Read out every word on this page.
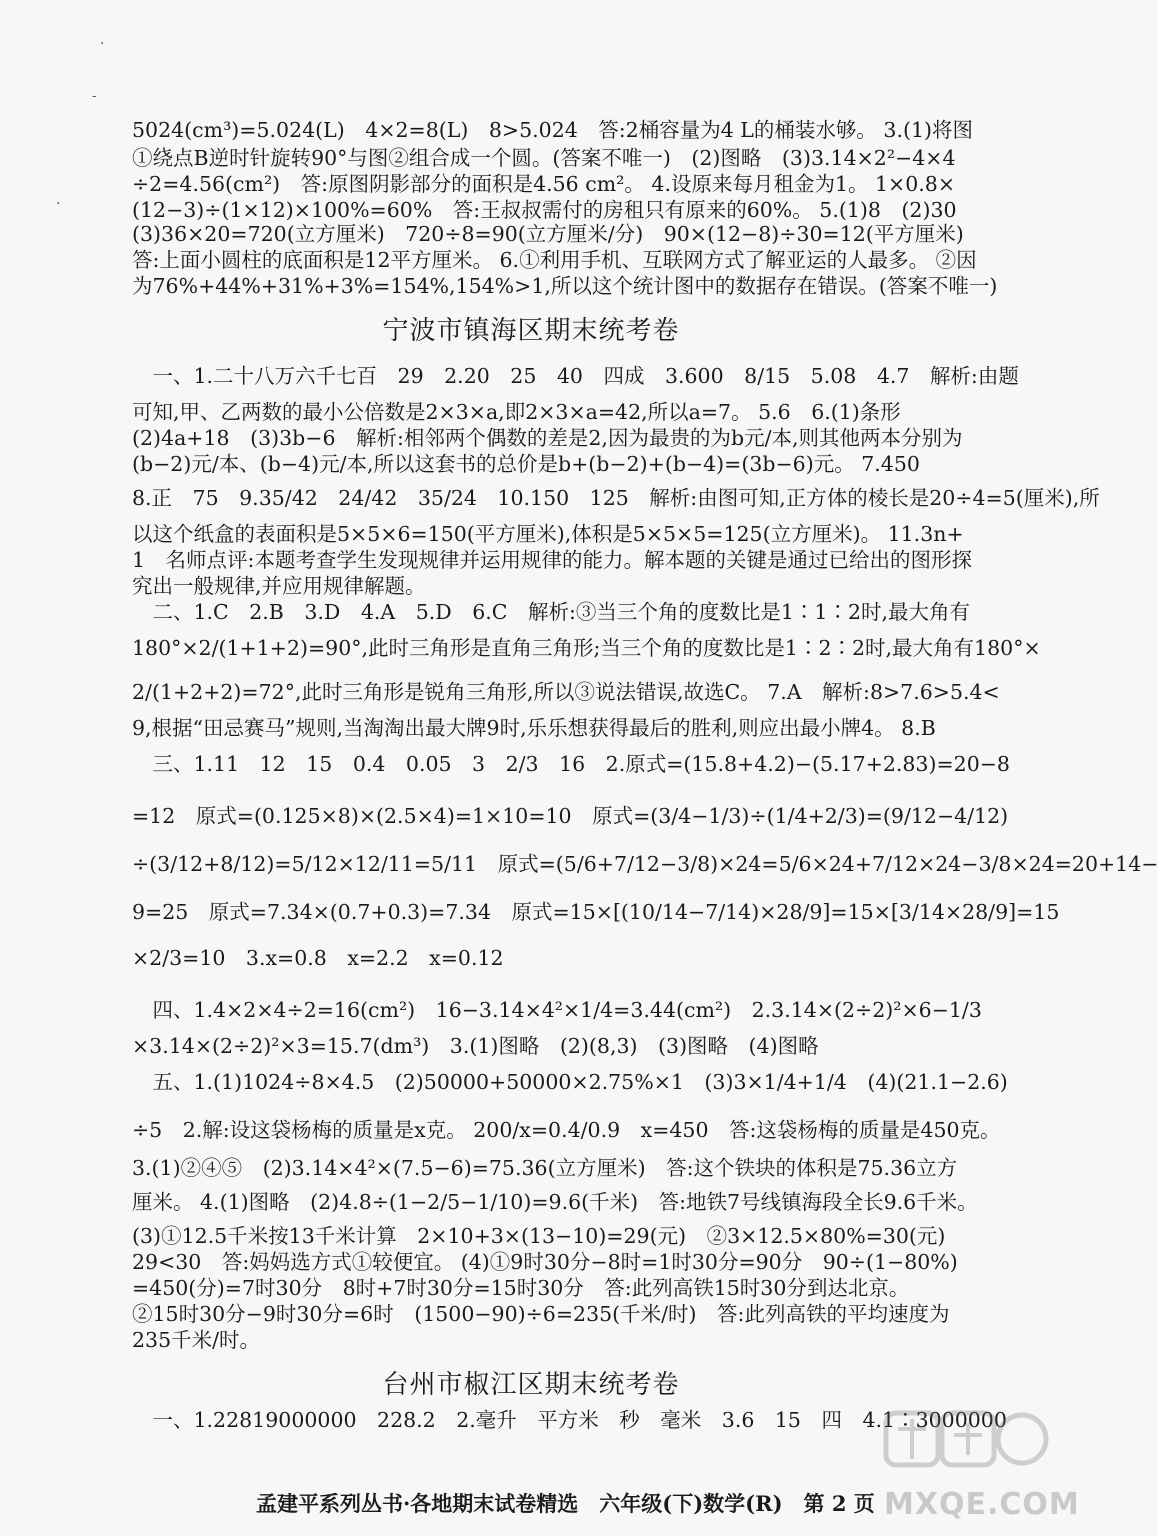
·
-
·
5024(cm³)=5.024(L)　4×2=8(L)　8>5.024　答:2桶容量为4 L的桶装水够。 3.(1)将图
①绕点B逆时针旋转90°与图②组合成一个圆。(答案不唯一)　(2)图略　(3)3.14×2²−4×4
÷2=4.56(cm²)　答:原图阴影部分的面积是4.56 cm²。 4.设原来每月租金为1。 1×0.8×
(12−3)÷(1×12)×100%=60%　答:王叔叔需付的房租只有原来的60%。 5.(1)8　(2)30
(3)36×20=720(立方厘米)　720÷8=90(立方厘米/分)　90×(12−8)÷30=12(平方厘米)
答:上面小圆柱的底面积是12平方厘米。 6.①利用手机、互联网方式了解亚运的人最多。 ②因
为76%+44%+31%+3%=154%,154%>1,所以这个统计图中的数据存在错误。(答案不唯一)
宁波市镇海区期末统考卷
　一、1.二十八万六千七百　29　2.20　25　40　四成　3.600　8/15　5.08　4.7　解析:由题
可知,甲、乙两数的最小公倍数是2×3×a,即2×3×a=42,所以a=7。 5.6　6.(1)条形
(2)4a+18　(3)3b−6　解析:相邻两个偶数的差是2,因为最贵的为b元/本,则其他两本分别为
(b−2)元/本、(b−4)元/本,所以这套书的总价是b+(b−2)+(b−4)=(3b−6)元。 7.450
8.正　75　9.35/42　24/42　35/24　10.150　125　解析:由图可知,正方体的棱长是20÷4=5(厘米),所
以这个纸盒的表面积是5×5×6=150(平方厘米),体积是5×5×5=125(立方厘米)。 11.3n+
1　名师点评:本题考查学生发现规律并运用规律的能力。解本题的关键是通过已给出的图形探
究出一般规律,并应用规律解题。
　二、1.C　2.B　3.D　4.A　5.D　6.C　解析:③当三个角的度数比是1∶1∶2时,最大角有
180°×2/(1+1+2)=90°,此时三角形是直角三角形;当三个角的度数比是1∶2∶2时,最大角有180°×
2/(1+2+2)=72°,此时三角形是锐角三角形,所以③说法错误,故选C。 7.A　解析:8>7.6>5.4<
9,根据“田忌赛马”规则,当淘淘出最大牌9时,乐乐想获得最后的胜利,则应出最小牌4。 8.B
　三、1.11　12　15　0.4　0.05　3　2/3　16　2.原式=(15.8+4.2)−(5.17+2.83)=20−8
=12　原式=(0.125×8)×(2.5×4)=1×10=10　原式=(3/4−1/3)÷(1/4+2/3)=(9/12−4/12)
÷(3/12+8/12)=5/12×12/11=5/11　原式=(5/6+7/12−3/8)×24=5/6×24+7/12×24−3/8×24=20+14−
9=25　原式=7.34×(0.7+0.3)=7.34　原式=15×[(10/14−7/14)×28/9]=15×[3/14×28/9]=15
×2/3=10　3.x=0.8　x=2.2　x=0.12
　四、1.4×2×4÷2=16(cm²)　16−3.14×4²×1/4=3.44(cm²)　2.3.14×(2÷2)²×6−1/3
×3.14×(2÷2)²×3=15.7(dm³)　3.(1)图略　(2)(8,3)　(3)图略　(4)图略
　五、1.(1)1024÷8×4.5　(2)50000+50000×2.75%×1　(3)3×1/4+1/4　(4)(21.1−2.6)
÷5　2.解:设这袋杨梅的质量是x克。 200/x=0.4/0.9　x=450　答:这袋杨梅的质量是450克。
3.(1)②④⑤　(2)3.14×4²×(7.5−6)=75.36(立方厘米)　答:这个铁块的体积是75.36立方
厘米。 4.(1)图略　(2)4.8÷(1−2/5−1/10)=9.6(千米)　答:地铁7号线镇海段全长9.6千米。
(3)①12.5千米按13千米计算　2×10+3×(13−10)=29(元)　②3×12.5×80%=30(元)
29<30　答:妈妈选方式①较便宜。 (4)①9时30分−8时=1时30分=90分　90÷(1−80%)
=450(分)=7时30分　8时+7时30分=15时30分　答:此列高铁15时30分到达北京。
②15时30分−9时30分=6时　(1500−90)÷6=235(千米/时)　答:此列高铁的平均速度为
235千米/时。
台州市椒江区期末统考卷
　一、1.22819000000　228.2　2.毫升　平方米　秒　毫米　3.6　15　四　4.1∶3000000
孟建平系列丛书·各地期末试卷精选　六年级(下)数学(R)　第 2 页 MXQE.COM
